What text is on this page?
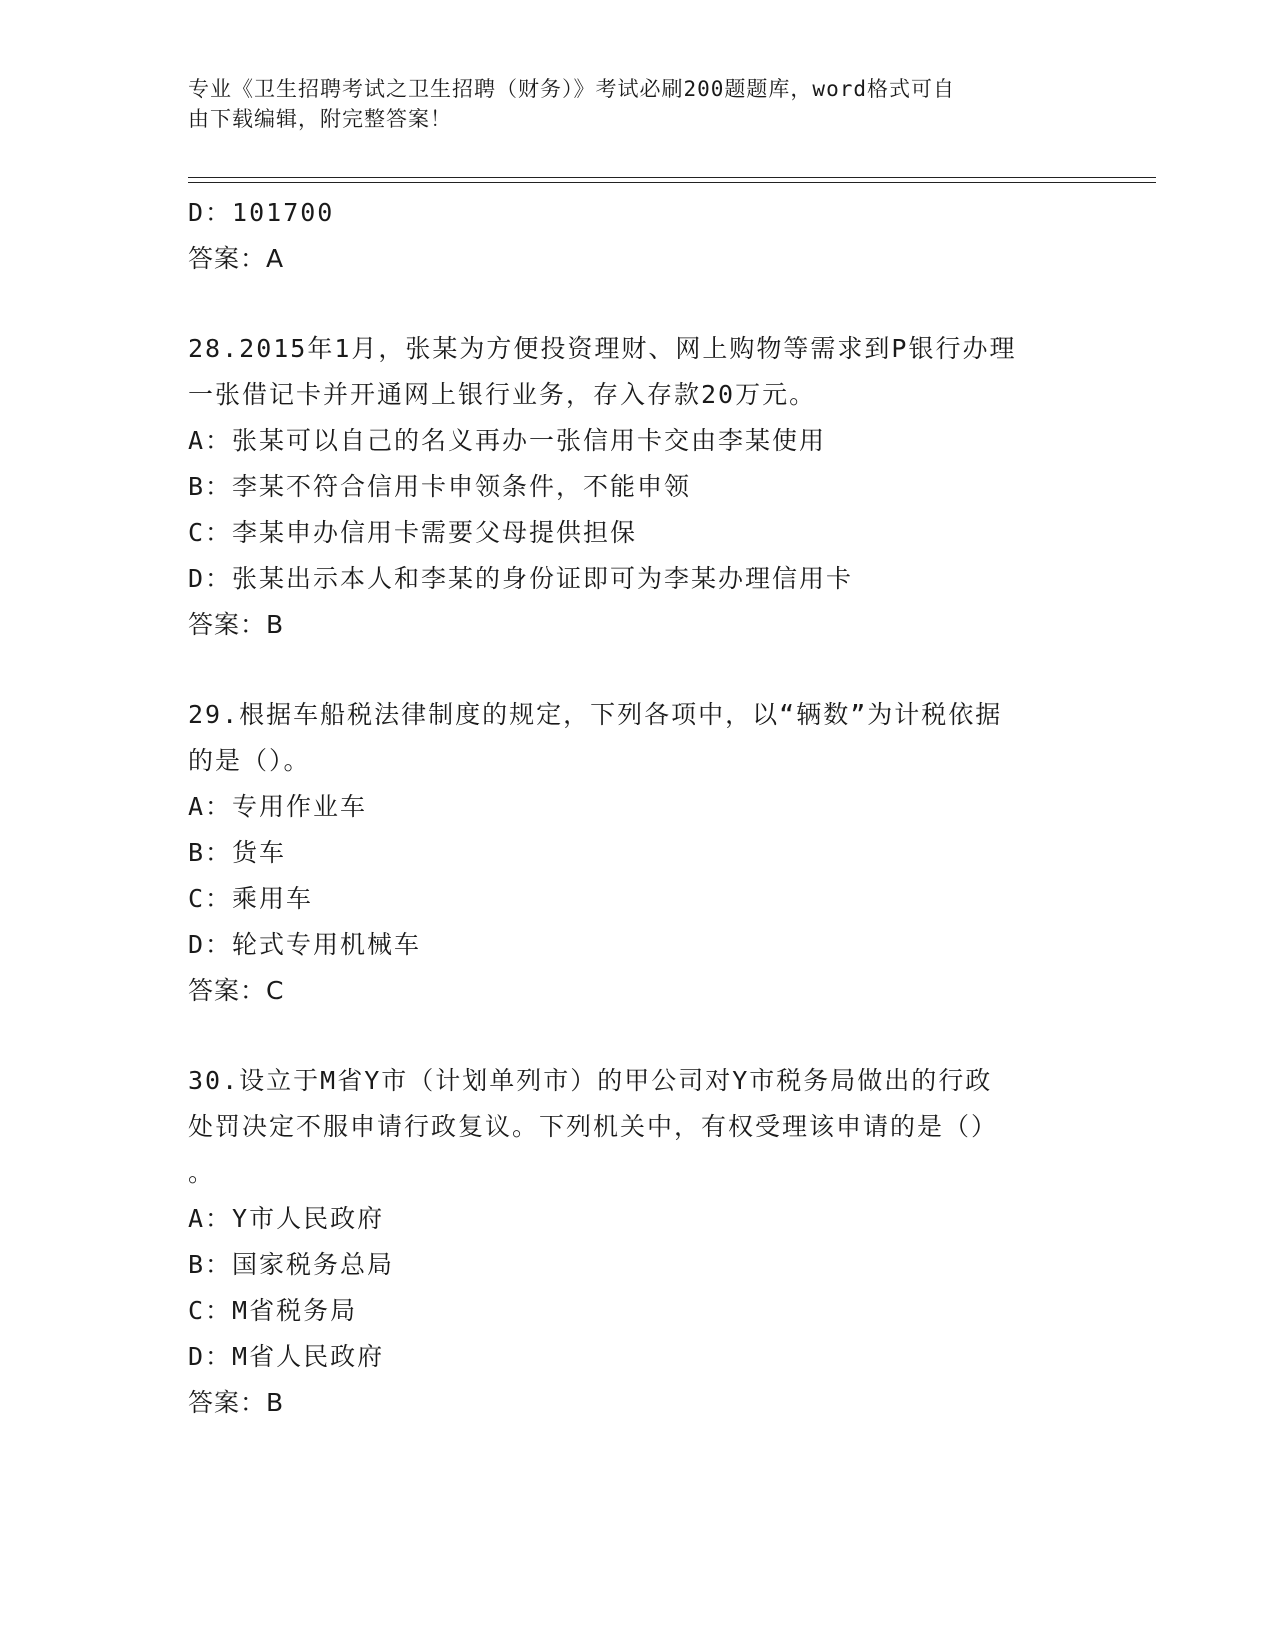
专业《卫生招聘考试之卫生招聘（财务）》考试必刷200题题库，word格式可自
由下载编辑，附完整答案！
D：101700
答案：A
28.2015年1月，张某为方便投资理财、网上购物等需求到P银行办理
一张借记卡并开通网上银行业务，存入存款20万元。
A：张某可以自己的名义再办一张信用卡交由李某使用
B：李某不符合信用卡申领条件，不能申领
C：李某申办信用卡需要父母提供担保
D：张某出示本人和李某的身份证即可为李某办理信用卡
答案：B
29.根据车船税法律制度的规定，下列各项中，以“辆数”为计税依据
的是（）。
A：专用作业车
B：货车
C：乘用车
D：轮式专用机械车
答案：C
30.设立于M省Y市（计划单列市）的甲公司对Y市税务局做出的行政
处罚决定不服申请行政复议。下列机关中，有权受理该申请的是（）
。
A：Y市人民政府
B：国家税务总局
C：M省税务局
D：M省人民政府
答案：B
